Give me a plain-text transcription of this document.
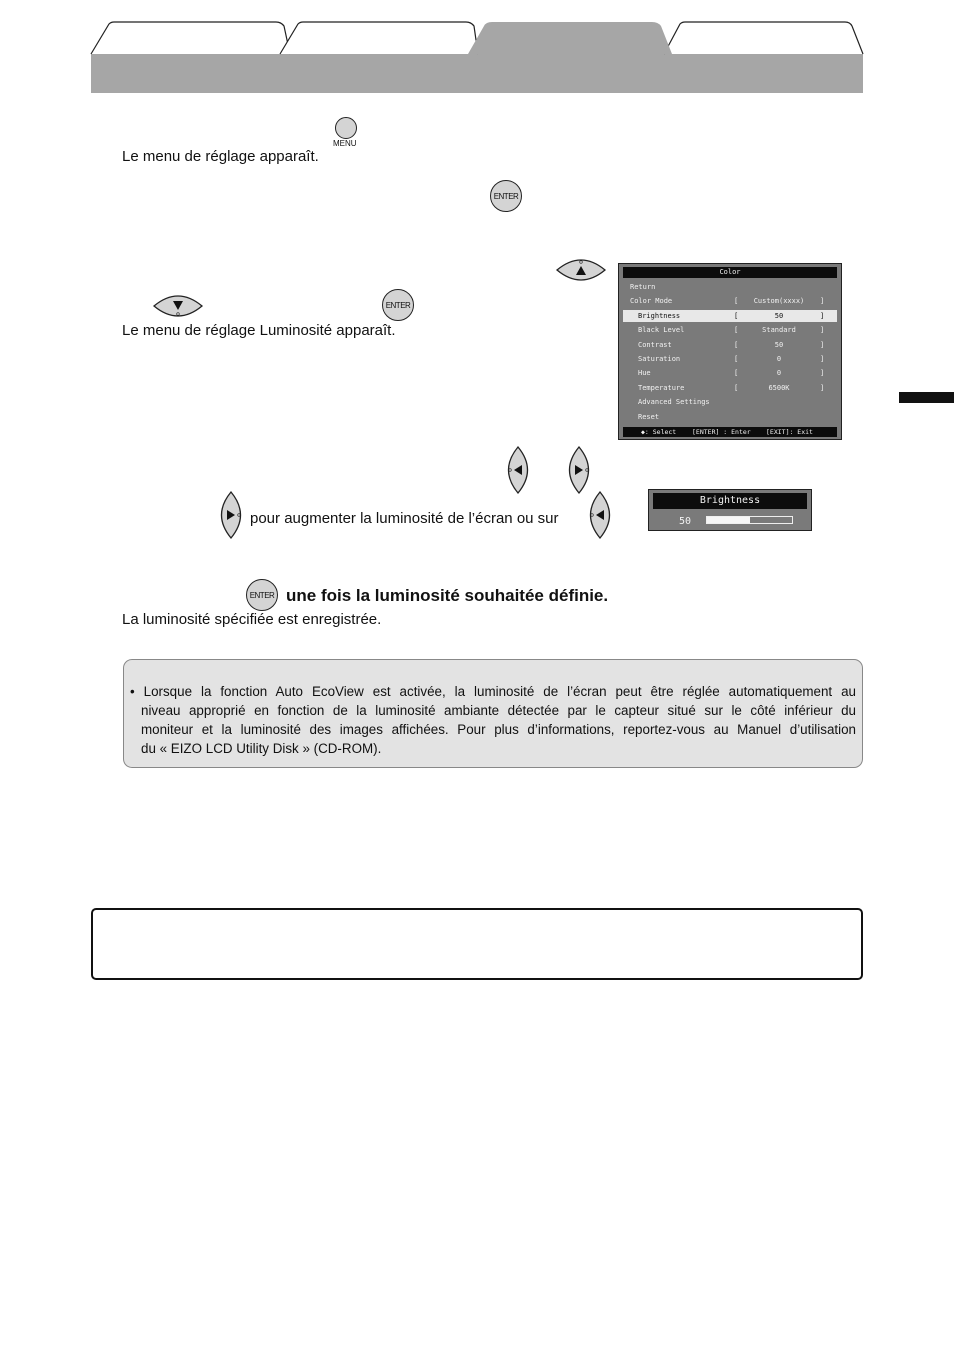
MENU
Le menu de réglage apparaît.
ENTER
ENTER
Le menu de réglage Luminosité apparaît.
Color
Return
Color Mode	[	Custom(xxxx)	]
Brightness	[	50	]
Black Level	[	Standard	]
Contrast	[	50	]
Saturation	[	0	]
Hue	[	0	]
Temperature	[	6500K	]
Advanced Settings
Reset
◆: Select [ENTER] : Enter [EXIT]: Exit
pour augmenter la luminosité de l’écran ou sur
Brightness
50
ENTER une fois la luminosité souhaitée définie.
La luminosité spécifiée est enregistrée.
• Lorsque la fonction Auto EcoView est activée, la luminosité de l’écran peut être réglée automatiquement au
niveau approprié en fonction de la luminosité ambiante détectée par le capteur situé sur le côté inférieur du
moniteur et la luminosité des images affichées. Pour plus d’informations, reportez-vous au Manuel d’utilisation
du « EIZO LCD Utility Disk » (CD-ROM).
